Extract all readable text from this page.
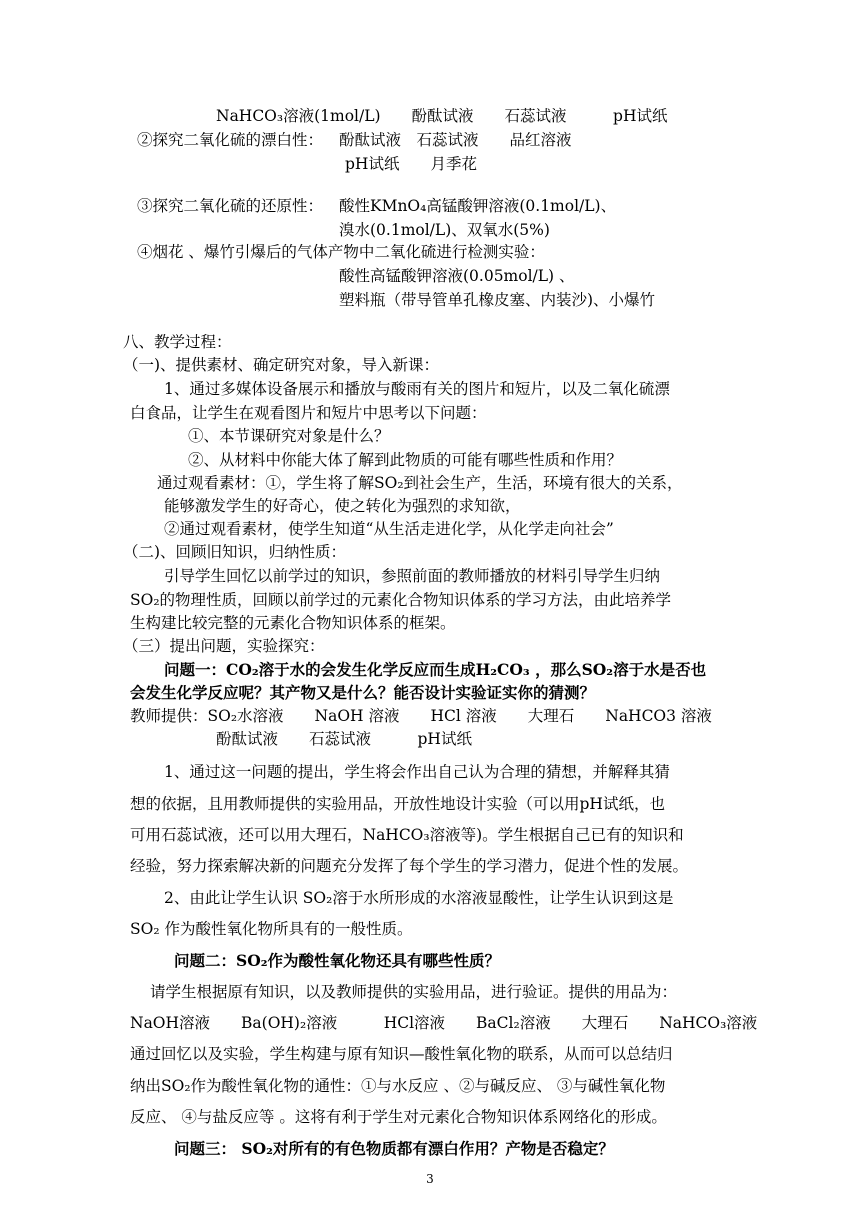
NaHCO₃溶液(1mol/L)　　酚酞试液　　石蕊试液　　　pH试纸
②探究二氧化硫的漂白性： 酚酞试液　石蕊试液　　品红溶液
pH试纸　　月季花
③探究二氧化硫的还原性： 酸性KMnO₄高锰酸钾溶液(0.1mol/L)、
溴水(0.1mol/L)、双氧水(5%)
④烟花 、爆竹引爆后的气体产物中二氧化硫进行检测实验：
酸性高锰酸钾溶液(0.05mol/L) 、
塑料瓶（带导管单孔橡皮塞、内装沙)、小爆竹
八、教学过程：
（一)、提供素材、确定研究对象，导入新课：
1、通过多媒体设备展示和播放与酸雨有关的图片和短片，以及二氧化硫漂
白食品，让学生在观看图片和短片中思考以下问题：
①、本节课研究对象是什么？
②、从材料中你能大体了解到此物质的可能有哪些性质和作用？
通过观看素材：①，学生将了解SO₂到社会生产，生活，环境有很大的关系，
能够激发学生的好奇心，使之转化为强烈的求知欲，
②通过观看素材，使学生知道“从生活走进化学，从化学走向社会”
（二)、回顾旧知识，归纳性质：
引导学生回忆以前学过的知识，参照前面的教师播放的材料引导学生归纳
SO₂的物理性质，回顾以前学过的元素化合物知识体系的学习方法，由此培养学
生构建比较完整的元素化合物知识体系的框架。
（三）提出问题，实验探究：
问题一：CO₂溶于水的会发生化学反应而生成H₂CO₃ ，那么SO₂溶于水是否也
会发生化学反应呢？其产物又是什么？能否设计实验证实你的猜测？
教师提供：SO₂水溶液　　NaOH 溶液　　HCl 溶液　　大理石　　NaHCO3 溶液
酚酞试液　　石蕊试液　　　pH试纸
1、通过这一问题的提出，学生将会作出自己认为合理的猜想，并解释其猜
想的依据，且用教师提供的实验用品，开放性地设计实验（可以用pH试纸，也
可用石蕊试液，还可以用大理石，NaHCO₃溶液等)。学生根据自己已有的知识和
经验，努力探索解决新的问题充分发挥了每个学生的学习潜力，促进个性的发展。
2、由此让学生认识 SO₂溶于水所形成的水溶液显酸性，让学生认识到这是
SO₂ 作为酸性氧化物所具有的一般性质。
问题二：SO₂作为酸性氧化物还具有哪些性质？
请学生根据原有知识，以及教师提供的实验用品，进行验证。提供的用品为：
NaOH溶液　　Ba(OH)₂溶液　　　HCl溶液　　BaCl₂溶液　　大理石　　NaHCO₃溶液
通过回忆以及实验，学生构建与原有知识—酸性氧化物的联系，从而可以总结归
纳出SO₂作为酸性氧化物的通性：①与水反应 、②与碱反应、 ③与碱性氧化物
反应、 ④与盐反应等 。这将有利于学生对元素化合物知识体系网络化的形成。
问题三： SO₂对所有的有色物质都有漂白作用？产物是否稳定？
3
